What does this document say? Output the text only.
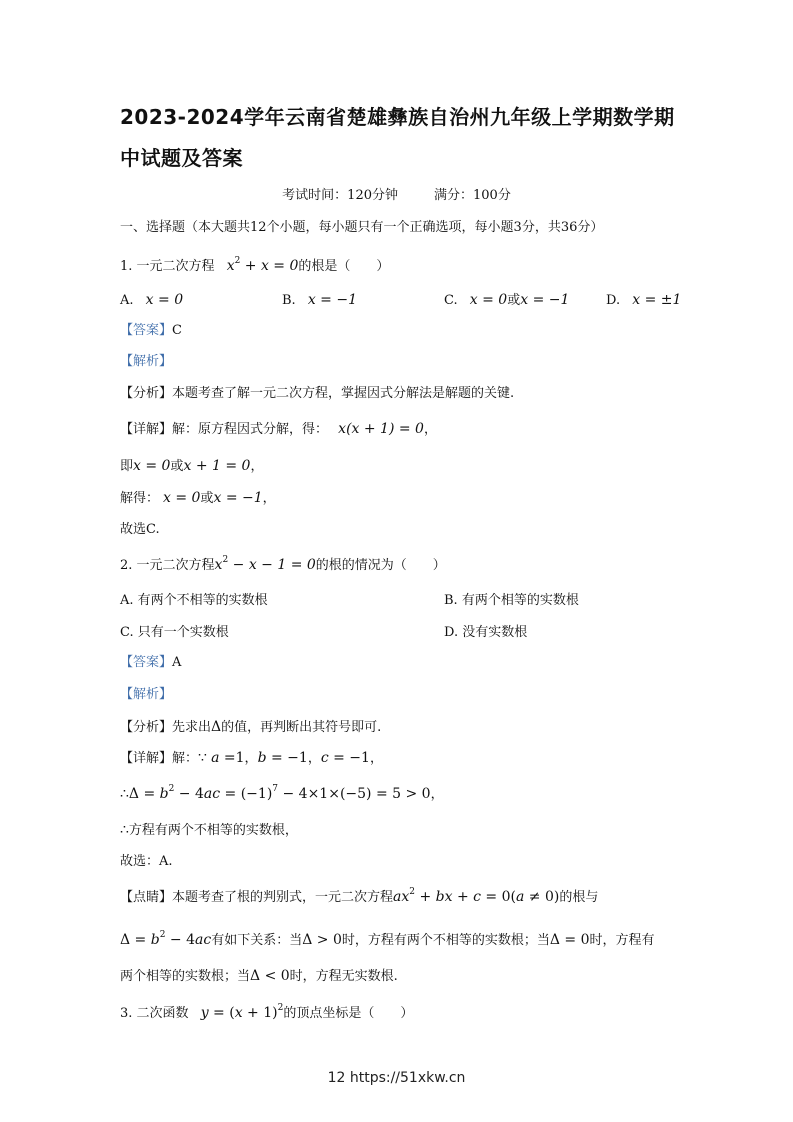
2023-2024学年云南省楚雄彝族自治州九年级上学期数学期
中试题及答案
考试时间：120分钟	满分：100分
一、选择题（本大题共12个小题，每小题只有一个正确选项，每小题3分，共36分）
1. 一元二次方程 $x^2 + x = 0$的根是（　　）
A. x = 0	B. x = −1	C. x = 0或x = −1	D. x = ±1
【答案】C
【解析】
【分析】本题考查了解一元二次方程，掌握因式分解法是解题的关键.
【详解】解：原方程因式分解，得： x(x + 1) = 0，
即x = 0或x + 1 = 0，
解得： x = 0或x = −1，
故选C.
2. 一元二次方程$x^2 - x - 1 = 0$的根的情况为（　　）
A. 有两个不相等的实数根	B. 有两个相等的实数根
C. 只有一个实数根	D. 没有实数根
【答案】A
【解析】
【分析】先求出Δ的值，再判断出其符号即可.
【详解】解：∵ a =1，b = −1，c = −1，
∴Δ = $b^2 - 4ac = (-1)^7 - 4\times 1\times(-5) = 5 > 0$，
∴方程有两个不相等的实数根，
故选：A.
【点睛】本题考查了根的判别式，一元二次方程$ax^2$ + bx + c = 0(a ≠ 0)的根与
$\Delta = b^2 - 4ac$有如下关系：当Δ > 0时，方程有两个不相等的实数根；当Δ = 0时，方程有
两个相等的实数根；当Δ < 0时，方程无实数根.
3. 二次函数 $y = (x + 1)^2$的顶点坐标是（　　）
12 https://51xkw.cn
